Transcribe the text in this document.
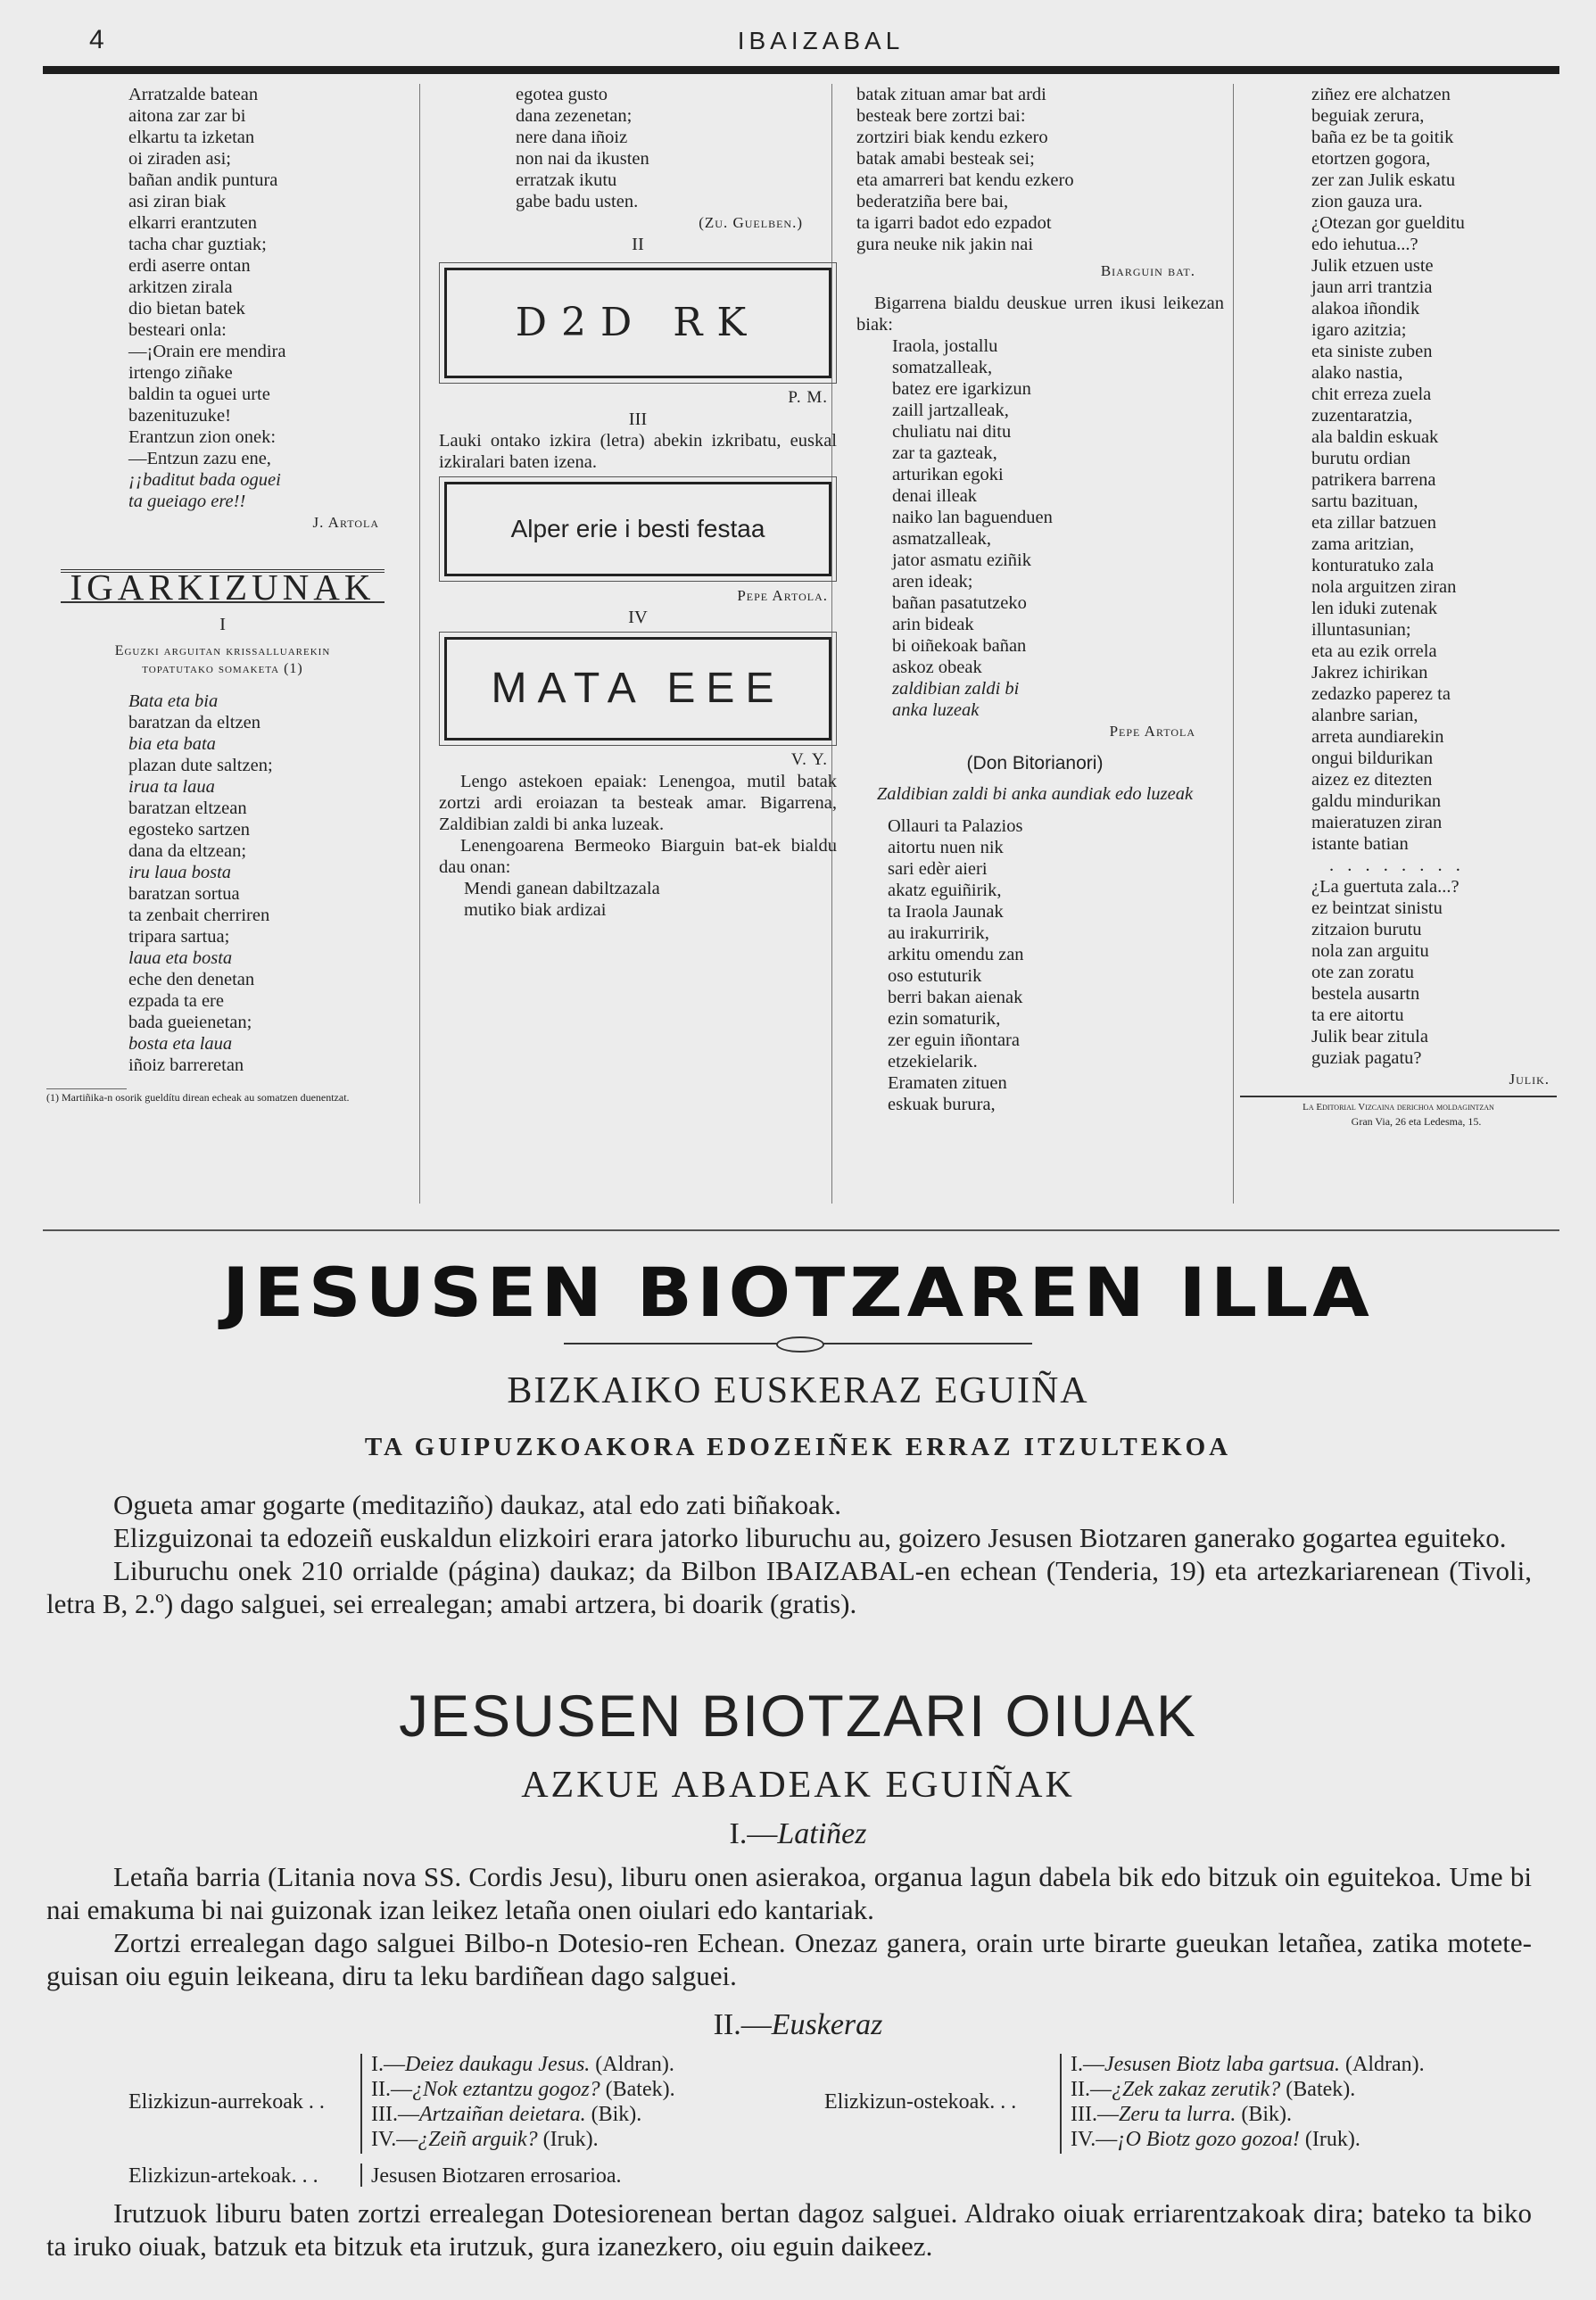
4	IBAIZABAL
Arratzalde batean
aitona zar zar bi
elkartu ta izketan
oi ziraden asi;
bañan andik puntura
asi ziran biak
elkarri erantzuten
tacha char guztiak;
erdi aserre ontan
arkitzen zirala
dio bietan batek
besteari onla:
—¡Orain ere mendira
irtengo ziñake
baldin ta oguei urte
bazenituzuke!
Erantzun zion onek:
—Entzun zazu ene,
¡¡baditut bada oguei
ta gueiago ere!!
J. Artola
IGARKIZUNAK
I
Eguzki arguitan krissalluarekin
topatutako somaketa (1)
Bata eta bia
baratzan da eltzen
bia eta bata
plazan dute saltzen;
irua ta laua
baratzan eltzean
egosteko sartzen
dana da eltzean;
iru laua bosta
baratzan sortua
ta zenbait cherriren
tripara sartua;
laua eta bosta
eche den denetan
ezpada ta ere
bada gueienetan;
bosta eta laua
iñoiz barreretan
(1) Martiñika-n osorik gueldítu direan echeak au somatzen duenentzat.
egotea gusto
dana zezenetan;
nere dana iñoiz
non nai da ikusten
erratzak ikutu
gabe badu usten.
(Zu. Guelben.)
II
D2D RK
P. M.
III
Lauki ontako izkira (letra) abekin izkribatu, euskal izkiralari baten izena.
Alper erie i besti festaa
Pepe Artola.
IV
MATA EEE
V. Y.
Lengo astekoen epaiak: Lenengoa, mutil batak zortzi ardi eroiazan ta besteak amar. Bigarrena, Zaldibian zaldi bi anka luzeak.
Lenengoarena Bermeoko Biarguin bat-ek bialdu dau onan:
Mendi ganean dabiltzazala
mutiko biak ardizai
batak zituan amar bat ardi
besteak bere zortzi bai:
zortziri biak kendu ezkero
batak amabi besteak sei;
eta amarreri bat kendu ezkero
bederatziña bere bai,
ta igarri badot edo ezpadot
gura neuke nik jakin nai
Biarguin bat.
Bigarrena bialdu deuskue urren ikusi leikezan biak:
Iraola, jostallu
somatzalleak,
batez ere igarkizun
zaill jartzalleak,
chuliatu nai ditu
zar ta gazteak,
arturikan egoki
denai illeak
naiko lan baguenduen
asmatzalleak,
jator asmatu eziñik
aren ideak;
bañan pasatutzeko
arin bideak
bi oiñekoak bañan
askoz obeak
zaldibian zaldi bi
anka luzeak
Pepe Artola
(Don Bitorianori)
Zaldibian zaldi bi anka aundiak edo luzeak
Ollauri ta Palazios
aitortu nuen nik
sari edèr aieri
akatz eguiñirik,
ta Iraola Jaunak
au irakurririk,
arkitu omendu zan
oso estuturik
berri bakan aienak
ezin somaturik,
zer eguin iñontara
etzekielarik.
Eramaten zituen
eskuak burura,
ziñez ere alchatzen
beguiak zerura,
baña ez be ta goitik
etortzen gogora,
zer zan Julik eskatu
zion gauza ura.
¿Otezan gor guelditu
edo iehutua...?
Julik etzuen uste
jaun arri trantzia
alakoa iñondik
igaro azitzia;
eta siniste zuben
alako nastia,
chit erreza zuela
zuzentaratzia,
ala baldin eskuak
burutu ordian
patrikera barrena
sartu bazituan,
eta zillar batzuen
zama aritzian,
konturatuko zala
nola arguitzen ziran
len iduki zutenak
illuntasunian;
eta au ezik orrela
Jakrez ichirikan
zedazko paperez ta
alanbre sarian,
arreta aundiarekin
ongui bildurikan
aizez ez ditezten
galdu mindurikan
maieratuzen ziran
istante batian
. . . . . . . .
¿La guertuta zala...?
ez beintzat sinistu
zitzaion burutu
nola zan arguitu
ote zan zoratu
bestela ausartn
ta ere aitortu
Julik bear zitula
guziak pagatu?
Julik.
La Editorial Vizcaina derichoa moldagintzan
Gran Via, 26 eta Ledesma, 15.
JESUSEN BIOTZAREN ILLA
BIZKAIKO EUSKERAZ EGUIÑA
TA GUIPUZKOAKORA EDOZEIÑEK ERRAZ ITZULTEKOA

Ogueta amar gogarte (meditaziño) daukaz, atal edo zati biñakoak.

Elizguizonai ta edozeiñ euskaldun elizkoiri erara jatorko liburuchu au, goizero Jesusen Biotzaren ganerako gogartea eguiteko.

Liburuchu onek 210 orrialde (página) daukaz; da Bilbon IBAIZABAL-en echean (Tenderia, 19) eta artezkariarenean (Tivoli, letra B, 2.º) dago salguei, sei errealegan; amabi artzera, bi doarik (gratis).

JESUSEN BIOTZARI OIUAK
AZKUE ABADEAK EGUIÑAK
I.—Latiñez

Letaña barria (Litania nova SS. Cordis Jesu), liburu onen asierakoa, organua lagun dabela bik edo bitzuk oin eguitekoa. Ume bi nai emakuma bi nai guizonak izan leikez letaña onen oiulari edo kantariak.

Zortzi errealegan dago salguei Bilbo-n Dotesio-ren Echean. Onezaz ganera, orain urte birarte gueukan letañea, zatika motete-guisan oiu eguin leikeana, diru ta leku bardiñean dago salguei.

II.—Euskeraz
Elizkizun-aurrekoak . .
I.—Deiez daukagu Jesus. (Aldran).
II.—¿Nok eztantzu gogoz? (Batek).
III.—Artzaiñan deietara. (Bik).
IV.—¿Zeiñ arguik? (Iruk).
Elizkizun-artekoak. . . Jesusen Biotzaren errosarioa.
Elizkizun-ostekoak. . .
I.—Jesusen Biotz laba gartsua. (Aldran).
II.—¿Zek zakaz zerutik? (Batek).
III.—Zeru ta lurra. (Bik).
IV.—¡O Biotz gozo gozoa! (Iruk).

Irutzuok liburu baten zortzi errealegan Dotesiorenean bertan dagoz salguei. Aldrako oiuak erriarentzakoak dira; bateko ta biko ta iruko oiuak, batzuk eta bitzuk eta irutzuk, gura izanezkero, oiu eguin daikeez.
